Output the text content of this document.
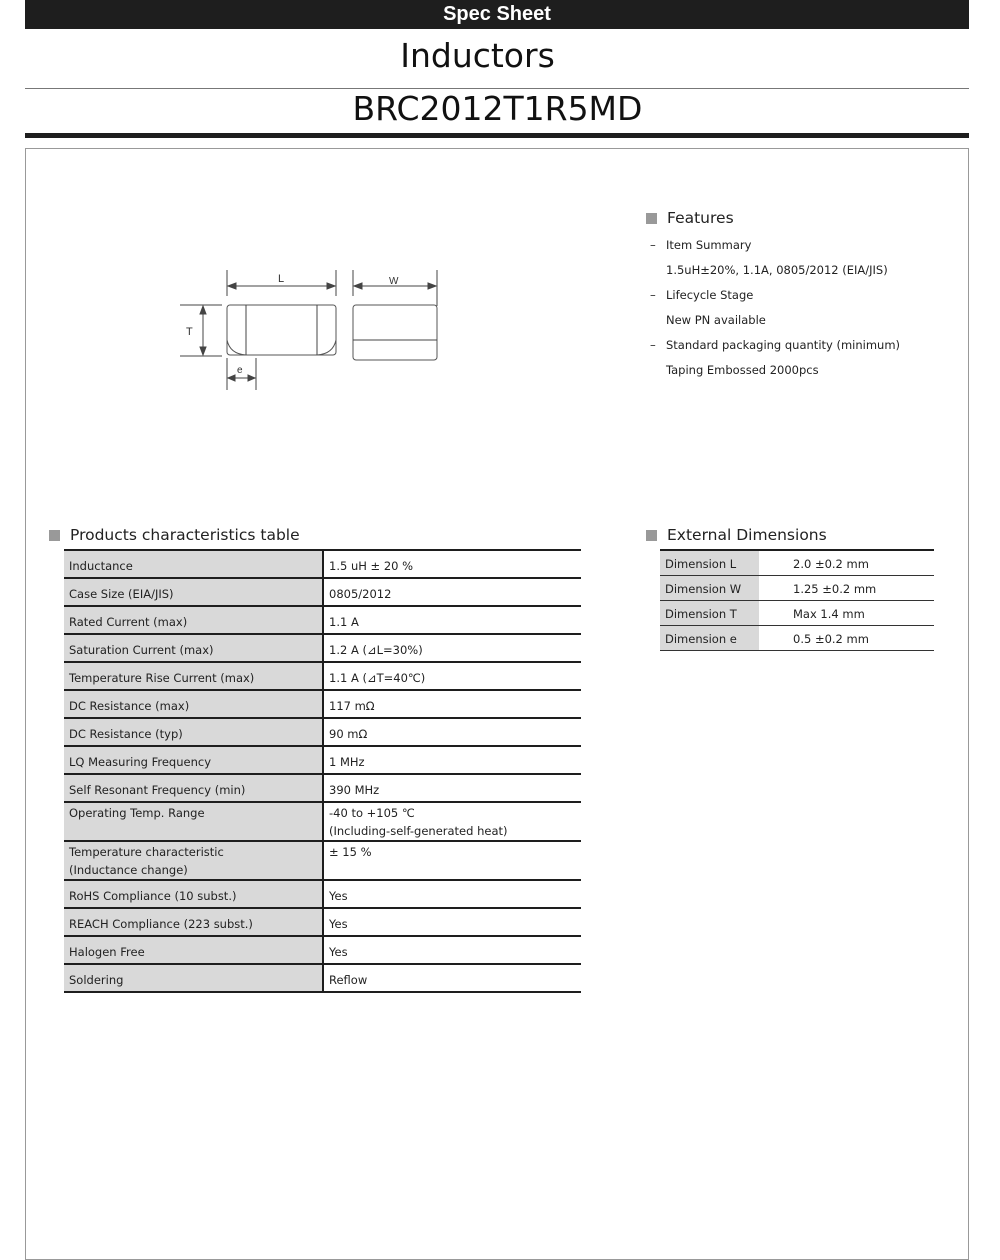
Spec Sheet
Inductors
BRC2012T1R5MD
L	W
T
e
Features
– Item Summary
1.5uH±20%, 1.1A, 0805/2012 (EIA/JIS)
– Lifecycle Stage
New PN available
– Standard packaging quantity (minimum)
Taping Embossed 2000pcs
Products characteristics table
Inductance	1.5 uH ± 20 %

Case Size (EIA/JIS)	0805/2012

Rated Current (max)	1.1 A

Saturation Current (max)	1.2 A (⊿L=30%)

Temperature Rise Current (max)	1.1 A (⊿T=40℃)

DC Resistance (max)	117 mΩ

DC Resistance (typ)	90 mΩ

LQ Measuring Frequency	1 MHz

Self Resonant Frequency (min)	390 MHz

Operating Temp. Range	-40 to +105 ℃
(Including-self-generated heat)

Temperature characteristic
(Inductance change)	± 15 %

RoHS Compliance (10 subst.)	Yes

REACH Compliance (223 subst.)	Yes

Halogen Free	Yes

Soldering	Reflow
External Dimensions
Dimension L	2.0 ±0.2 mm

Dimension W	1.25 ±0.2 mm

Dimension T	Max 1.4 mm

Dimension e	0.5 ±0.2 mm
